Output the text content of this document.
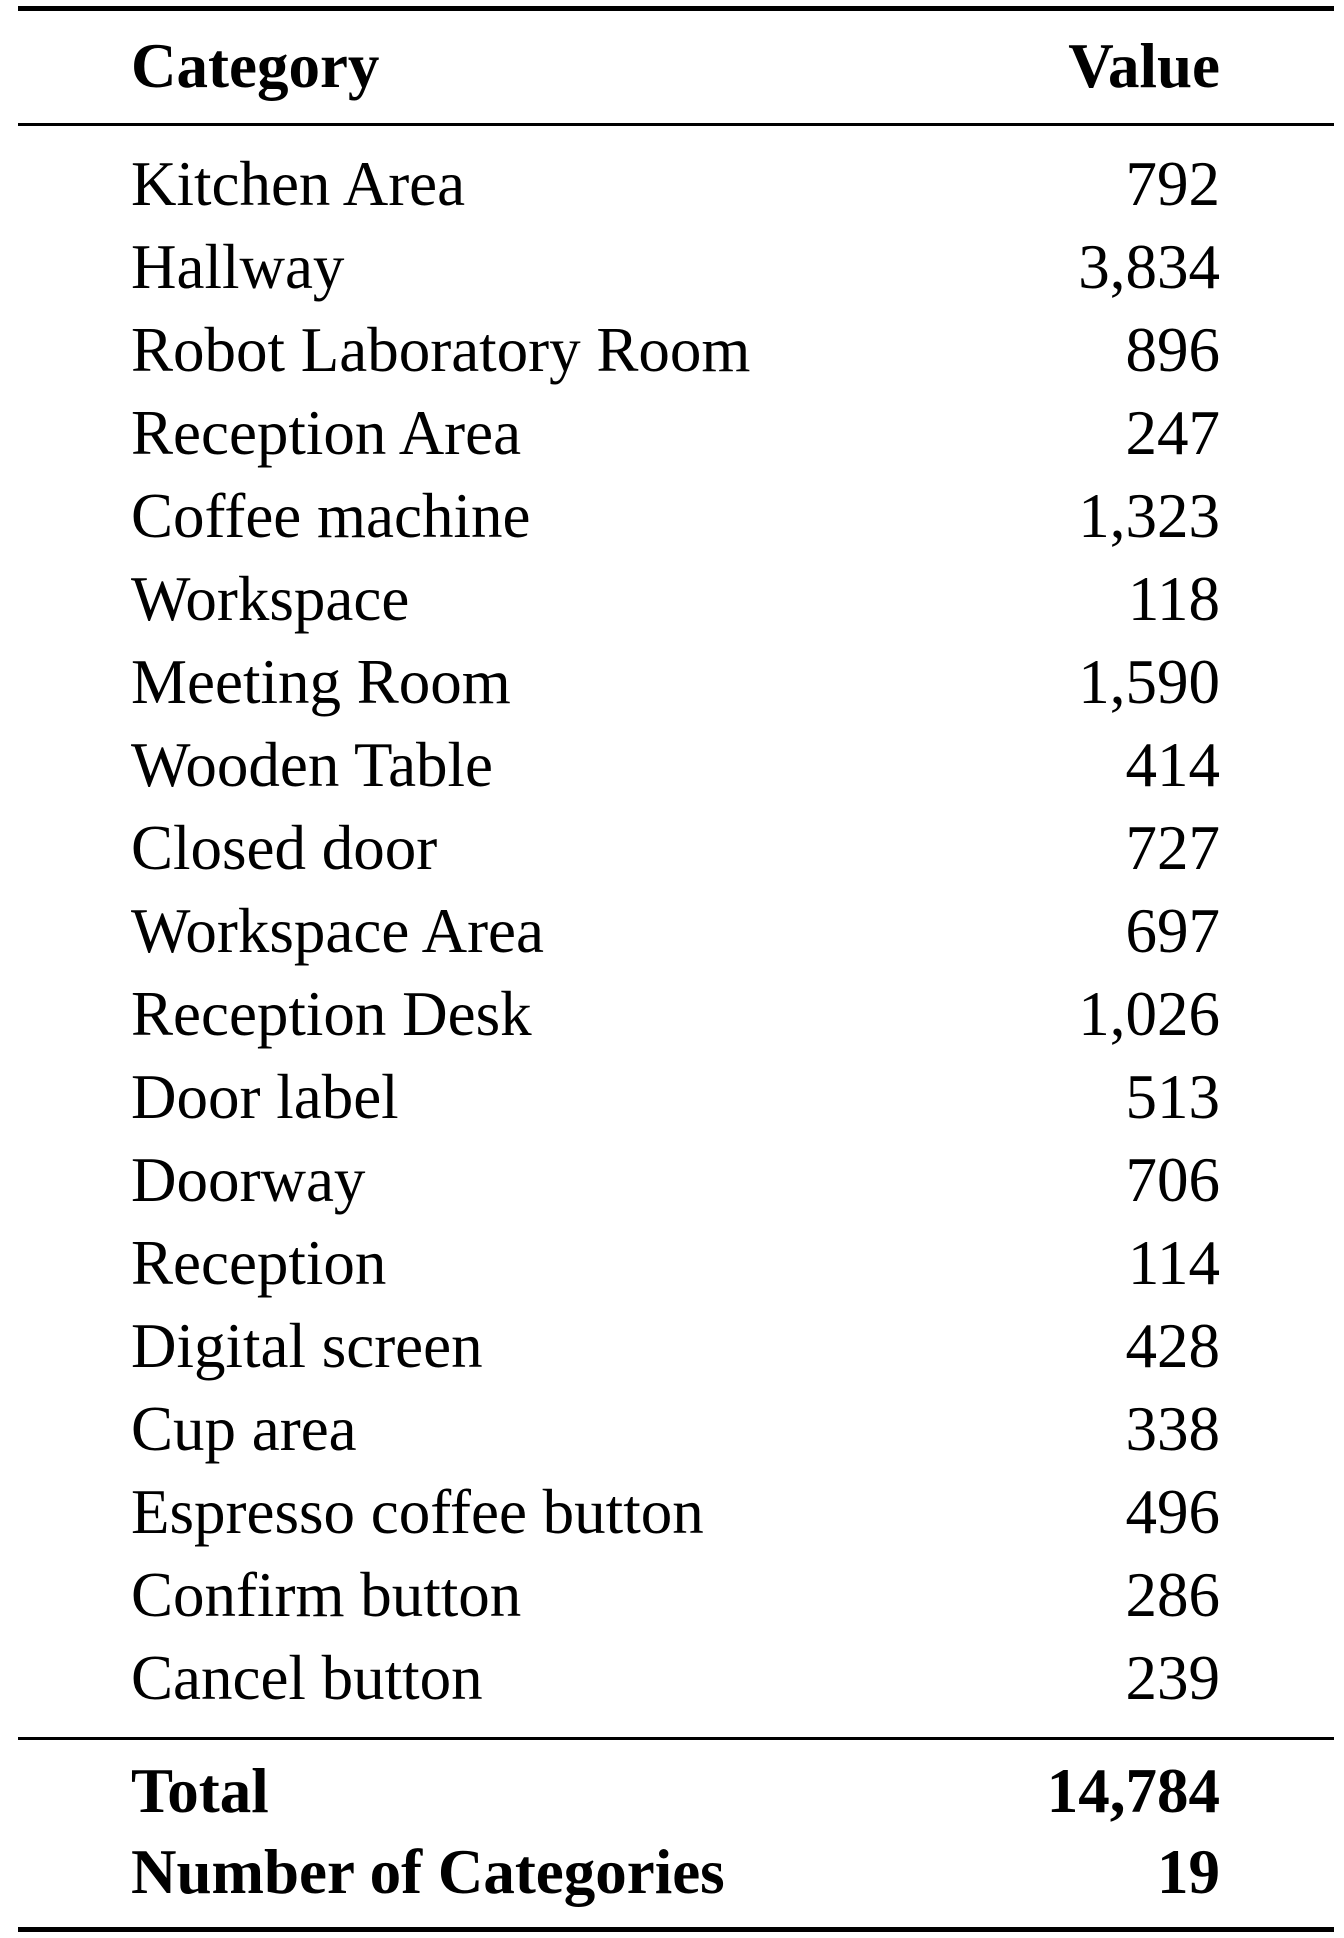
Category	Value
Kitchen Area	792
Hallway	3,834
Robot Laboratory Room	896
Reception Area	247
Coffee machine	1,323
Workspace	118
Meeting Room	1,590
Wooden Table	414
Closed door	727
Workspace Area	697
Reception Desk	1,026
Door label	513
Doorway	706
Reception	114
Digital screen	428
Cup area	338
Espresso coffee button	496
Confirm button	286
Cancel button	239
Total	14,784
Number of Categories	19
